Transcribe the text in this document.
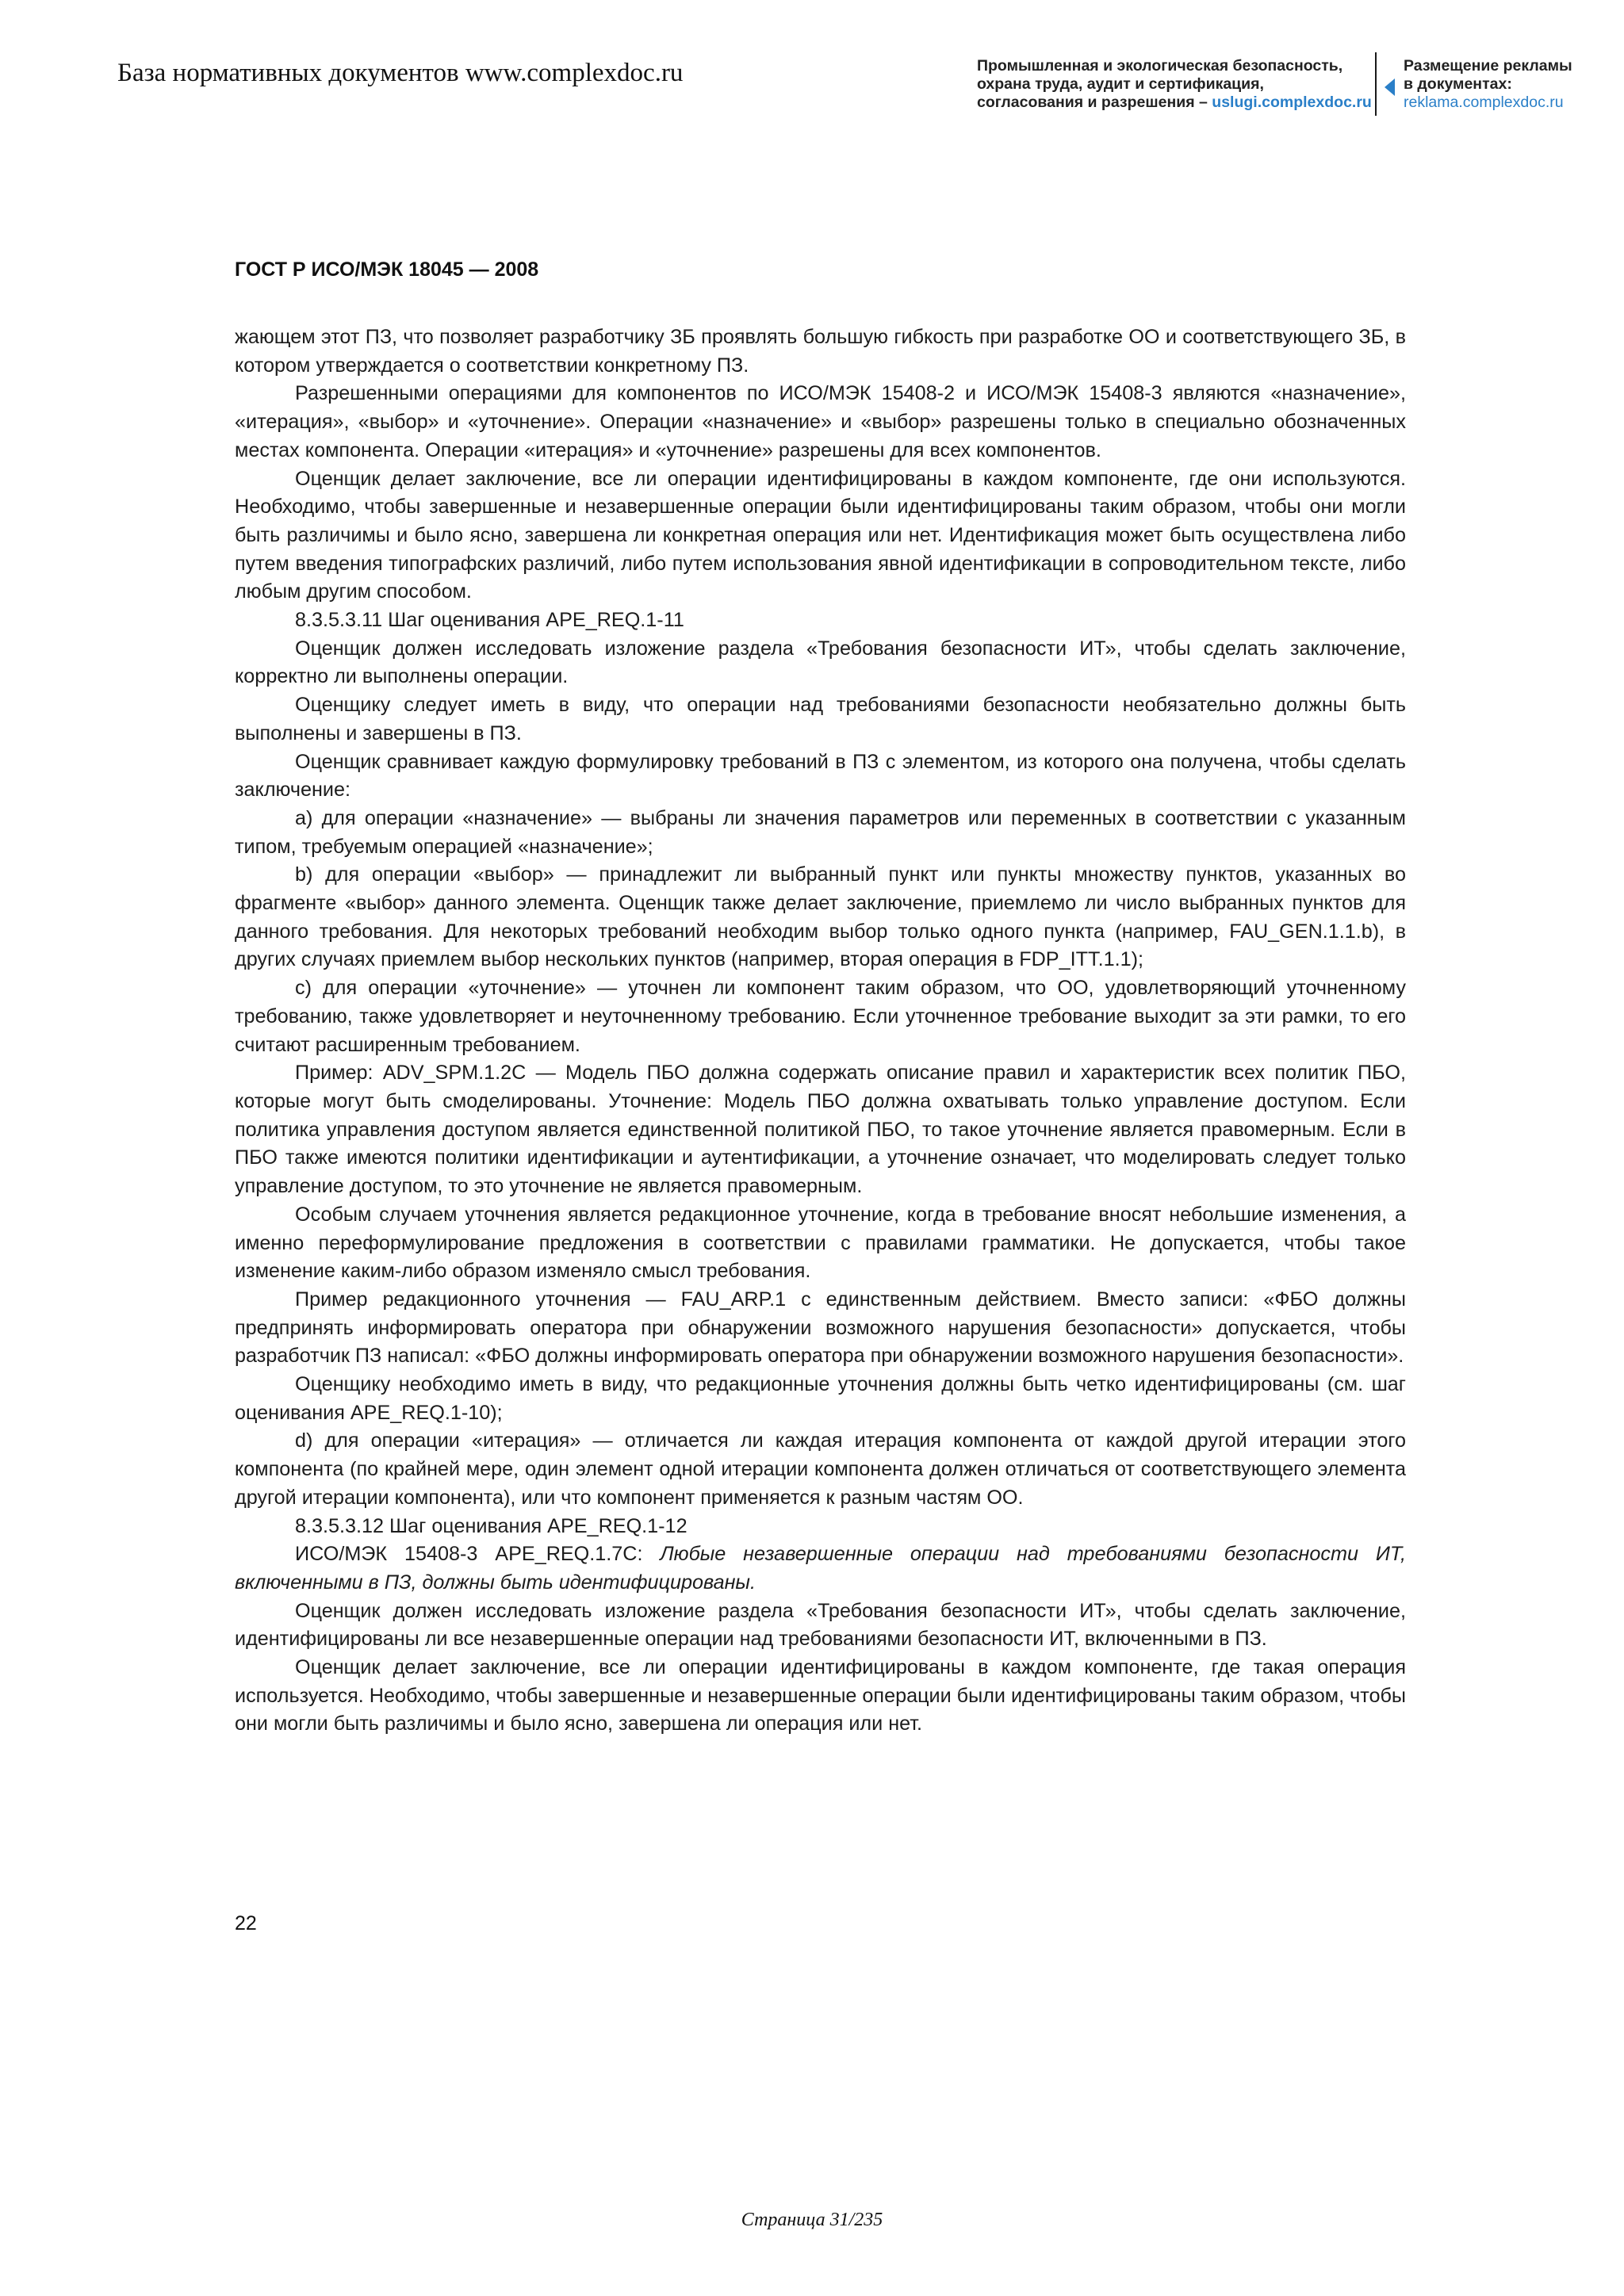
База нормативных документов www.complexdoc.ru	Промышленная и экологическая безопасность,
охрана труда, аудит и сертификация,
согласования и разрешения – uslugi.complexdoc.ru
Размещение рекламы
в документах:
reklama.complexdoc.ru
ГОСТ Р ИСО/МЭК 18045 — 2008

жающем этот ПЗ, что позволяет разработчику ЗБ проявлять большую гибкость при разработке ОО и соответствующего ЗБ, в котором утверждается о соответствии конкретному ПЗ.

Разрешенными операциями для компонентов по ИСО/МЭК 15408-2 и ИСО/МЭК 15408-3 являются «назначение», «итерация», «выбор» и «уточнение». Операции «назначение» и «выбор» разрешены только в специально обозначенных местах компонента. Операции «итерация» и «уточнение» разрешены для всех компонентов.

Оценщик делает заключение, все ли операции идентифицированы в каждом компоненте, где они используются. Необходимо, чтобы завершенные и незавершенные операции были идентифицированы таким образом, чтобы они могли быть различимы и было ясно, завершена ли конкретная операция или нет. Идентификация может быть осуществлена либо путем введения типографских различий, либо путем использования явной идентификации в сопроводительном тексте, либо любым другим способом.

8.3.5.3.11 Шаг оценивания APE_REQ.1-11

Оценщик должен исследовать изложение раздела «Требования безопасности ИТ», чтобы сделать заключение, корректно ли выполнены операции.

Оценщику следует иметь в виду, что операции над требованиями безопасности необязательно должны быть выполнены и завершены в ПЗ.

Оценщик сравнивает каждую формулировку требований в ПЗ с элементом, из которого она получена, чтобы сделать заключение:

а) для операции «назначение» — выбраны ли значения параметров или переменных в соответствии с указанным типом, требуемым операцией «назначение»;

b) для операции «выбор» — принадлежит ли выбранный пункт или пункты множеству пунктов, указанных во фрагменте «выбор» данного элемента. Оценщик также делает заключение, приемлемо ли число выбранных пунктов для данного требования. Для некоторых требований необходим выбор только одного пункта (например, FAU_GEN.1.1.b), в других случаях приемлем выбор нескольких пунктов (например, вторая операция в FDP_ITT.1.1);

с) для операции «уточнение» — уточнен ли компонент таким образом, что ОО, удовлетворяющий уточненному требованию, также удовлетворяет и неуточненному требованию. Если уточненное требование выходит за эти рамки, то его считают расширенным требованием.

Пример: ADV_SPM.1.2C — Модель ПБО должна содержать описание правил и характеристик всех политик ПБО, которые могут быть смоделированы. Уточнение: Модель ПБО должна охватывать только управление доступом. Если политика управления доступом является единственной политикой ПБО, то такое уточнение является правомерным. Если в ПБО также имеются политики идентификации и аутентификации, а уточнение означает, что моделировать следует только управление доступом, то это уточнение не является правомерным.

Особым случаем уточнения является редакционное уточнение, когда в требование вносят небольшие изменения, а именно переформулирование предложения в соответствии с правилами грамматики. Не допускается, чтобы такое изменение каким-либо образом изменяло смысл требования.

Пример редакционного уточнения — FAU_ARP.1 с единственным действием. Вместо записи: «ФБО должны предпринять информировать оператора при обнаружении возможного нарушения безопасности» допускается, чтобы разработчик ПЗ написал: «ФБО должны информировать оператора при обнаружении возможного нарушения безопасности».

Оценщику необходимо иметь в виду, что редакционные уточнения должны быть четко идентифицированы (см. шаг оценивания APE_REQ.1-10);

d) для операции «итерация» — отличается ли каждая итерация компонента от каждой другой итерации этого компонента (по крайней мере, один элемент одной итерации компонента должен отличаться от соответствующего элемента другой итерации компонента), или что компонент применяется к разным частям ОО.

8.3.5.3.12 Шаг оценивания APE_REQ.1-12

ИСО/МЭК 15408-3 APE_REQ.1.7C: Любые незавершенные операции над требованиями безопасности ИТ, включенными в ПЗ, должны быть идентифицированы.

Оценщик должен исследовать изложение раздела «Требования безопасности ИТ», чтобы сделать заключение, идентифицированы ли все незавершенные операции над требованиями безопасности ИТ, включенными в ПЗ.

Оценщик делает заключение, все ли операции идентифицированы в каждом компоненте, где такая операция используется. Необходимо, чтобы завершенные и незавершенные операции были идентифицированы таким образом, чтобы они могли быть различимы и было ясно, завершена ли операция или нет.

22
Страница 31/235
